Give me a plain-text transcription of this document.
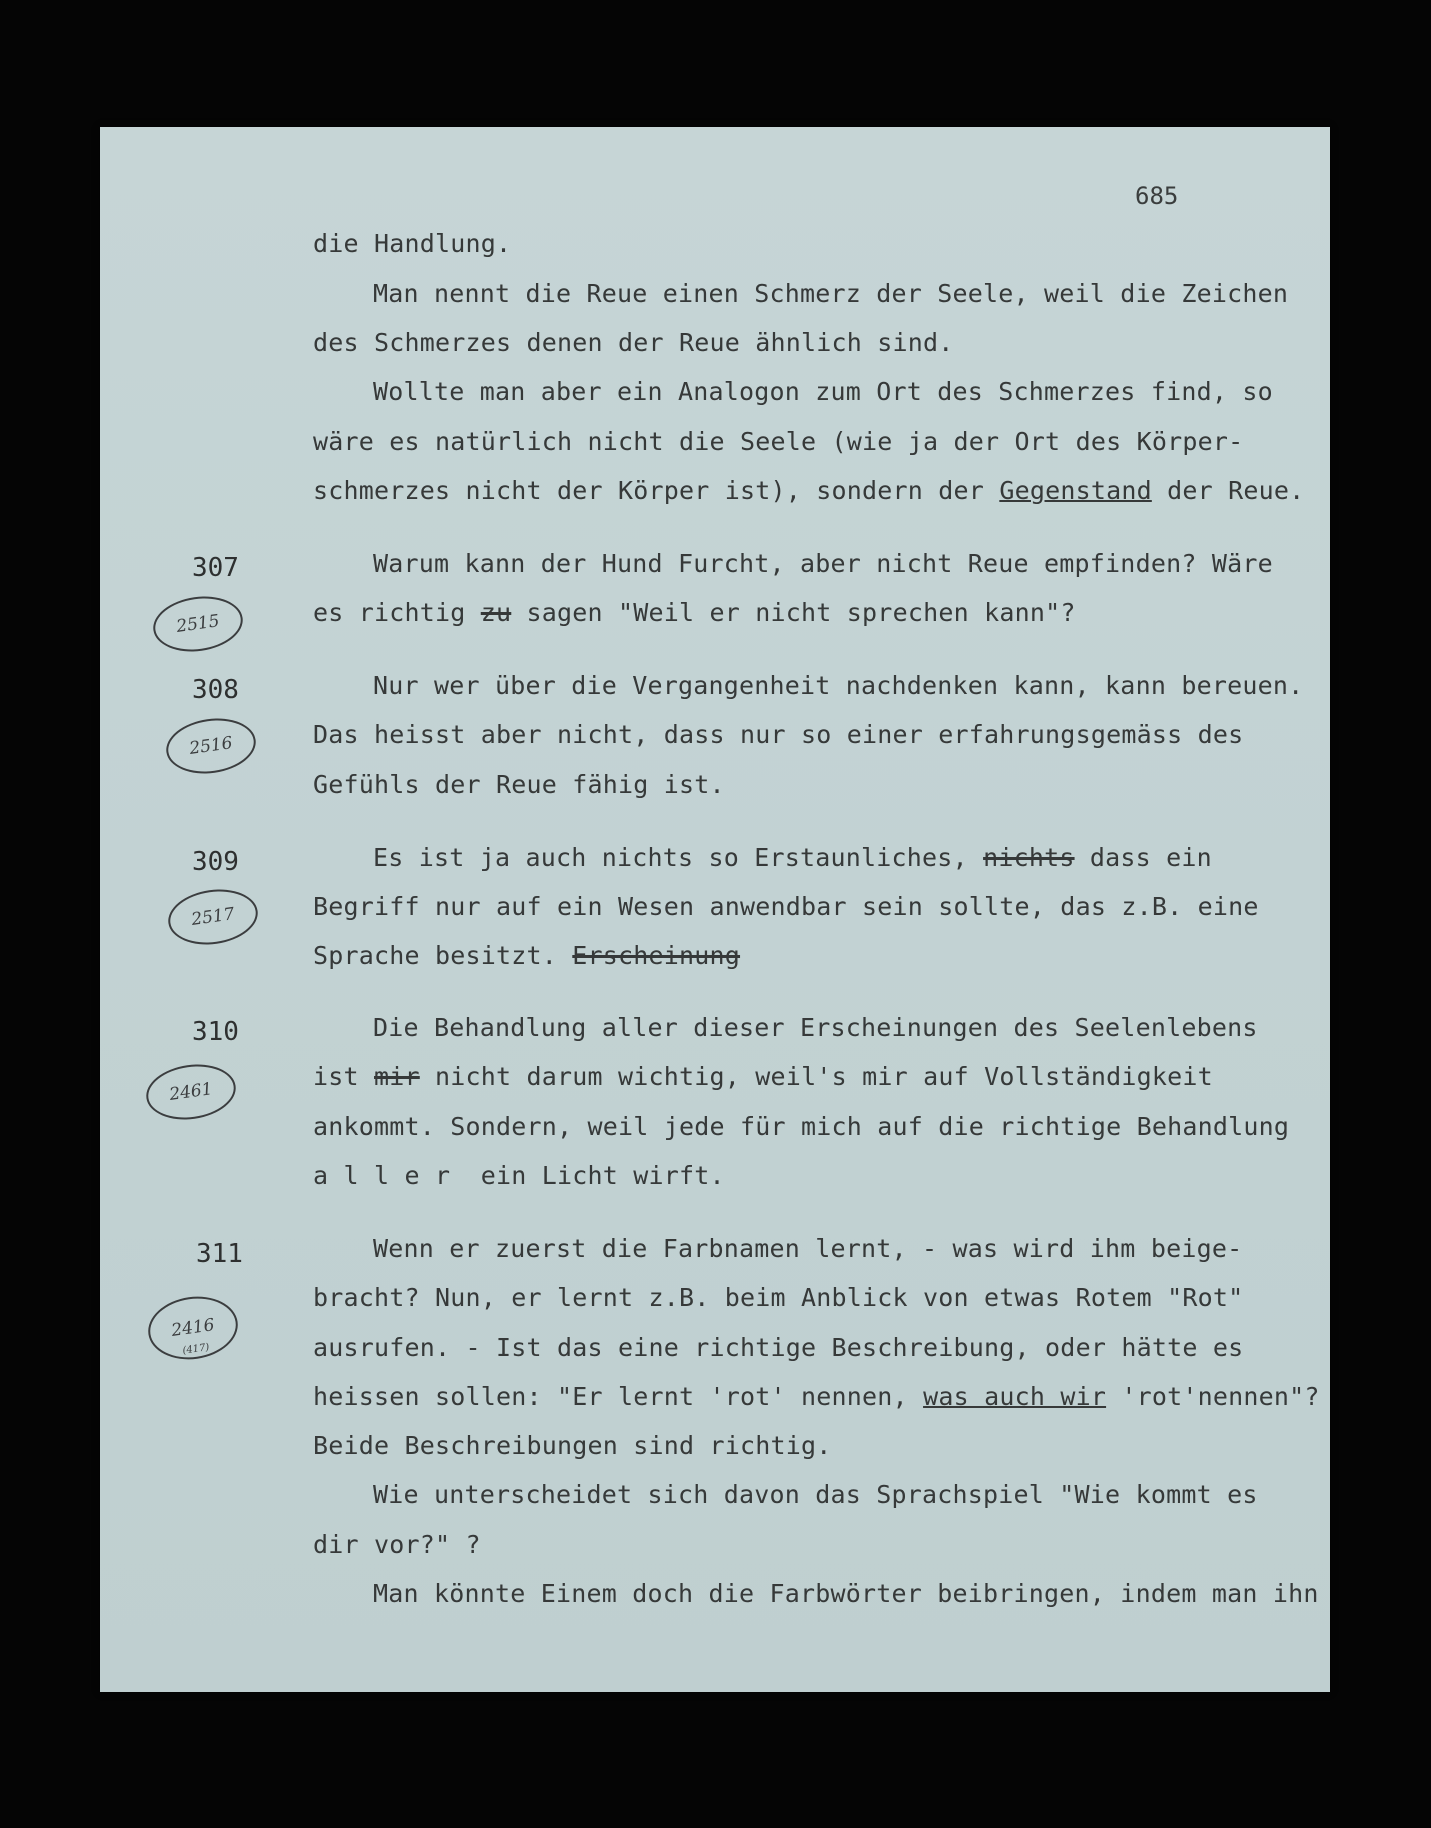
685
die Handlung.
Man nennt die Reue einen Schmerz der Seele, weil die Zeichen
des Schmerzes denen der Reue ähnlich sind.
Wollte man aber ein Analogon zum Ort des Schmerzes find, so
wäre es natürlich nicht die Seele (wie ja der Ort des Körper-
schmerzes nicht der Körper ist), sondern der Gegenstand der Reue.
307
2515
Warum kann der Hund Furcht, aber nicht Reue empfinden? Wäre
es richtig zu sagen "Weil er nicht sprechen kann"?
308
2516
Nur wer über die Vergangenheit nachdenken kann, kann bereuen.
Das heisst aber nicht, dass nur so einer erfahrungsgemäss des
Gefühls der Reue fähig ist.
309
2517
Es ist ja auch nichts so Erstaunliches, nichts dass ein
Begriff nur auf ein Wesen anwendbar sein sollte, das z.B. eine
Sprache besitzt. Erscheinung
310
2461
Die Behandlung aller dieser Erscheinungen des Seelenlebens
ist mir nicht darum wichtig, weil's mir auf Vollständigkeit
ankommt. Sondern, weil jede für mich auf die richtige Behandlung
a l l e r  ein Licht wirft.
311
2416
(417)
Wenn er zuerst die Farbnamen lernt, - was wird ihm beige-
bracht? Nun, er lernt z.B. beim Anblick von etwas Rotem "Rot"
ausrufen. - Ist das eine richtige Beschreibung, oder hätte es
heissen sollen: "Er lernt 'rot' nennen, was auch wir 'rot'nennen"?
Beide Beschreibungen sind richtig.
Wie unterscheidet sich davon das Sprachspiel "Wie kommt es
dir vor?" ?
Man könnte Einem doch die Farbwörter beibringen, indem man ihn
